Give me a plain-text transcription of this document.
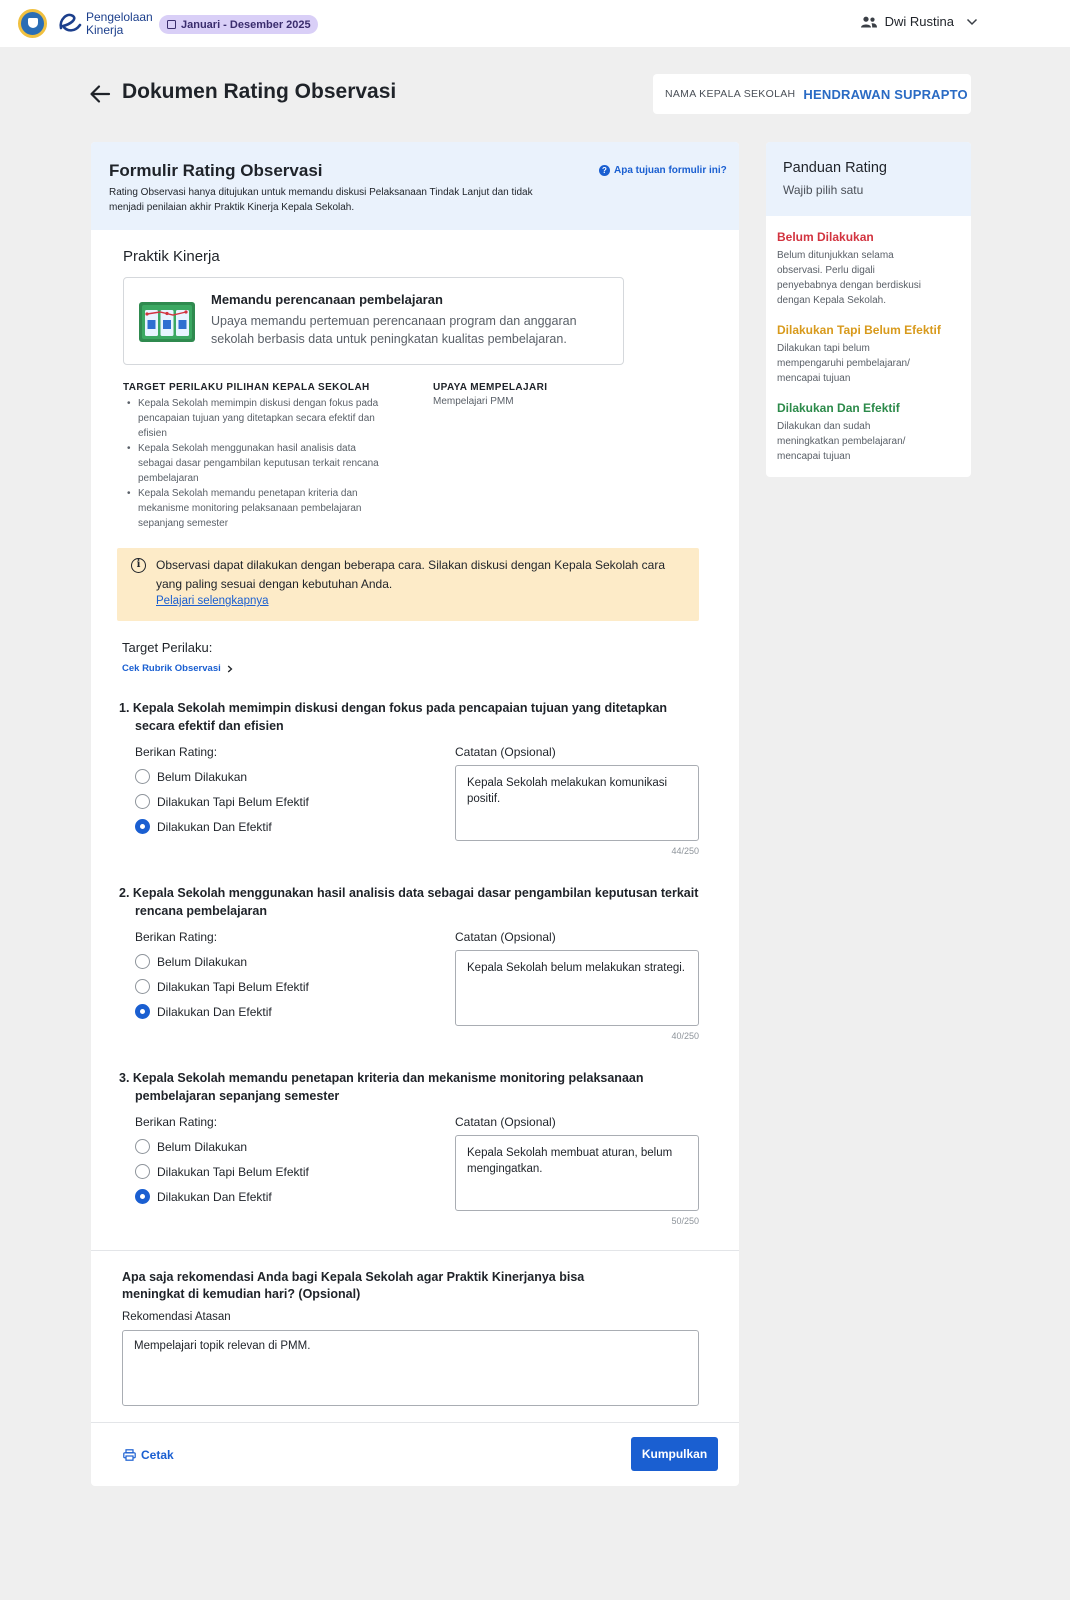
Pengelolaan
Kinerja	Januari - Desember 2025	Dwi Rustina
Dokumen Rating Observasi	NAMA KEPALA SEKOLAH HENDRAWAN SUPRAPTO
Formulir Rating Observasi
Rating Observasi hanya ditujukan untuk memandu diskusi Pelaksanaan Tindak Lanjut dan tidak menjadi penilaian akhir Praktik Kinerja Kepala Sekolah.
? Apa tujuan formulir ini?
Praktik Kinerja
Memandu perencanaan pembelajaran
Upaya memandu pertemuan perencanaan program dan anggaran sekolah berbasis data untuk peningkatan kualitas pembelajaran.
TARGET PERILAKU PILIHAN KEPALA SEKOLAH
• Kepala Sekolah memimpin diskusi dengan fokus pada pencapaian tujuan yang ditetapkan secara efektif dan efisien
• Kepala Sekolah menggunakan hasil analisis data sebagai dasar pengambilan keputusan terkait rencana pembelajaran
• Kepala Sekolah memandu penetapan kriteria dan mekanisme monitoring pelaksanaan pembelajaran sepanjang semester
UPAYA MEMPELAJARI
Mempelajari PMM
i	Observasi dapat dilakukan dengan beberapa cara. Silakan diskusi dengan Kepala Sekolah cara yang paling sesuai dengan kebutuhan Anda.
Pelajari selengkapnya
Target Perilaku:
Cek Rubrik Observasi
1. Kepala Sekolah memimpin diskusi dengan fokus pada pencapaian tujuan yang ditetapkan secara efektif dan efisien
Berikan Rating:
Belum Dilakukan
Dilakukan Tapi Belum Efektif
Dilakukan Dan Efektif
Catatan (Opsional)
Kepala Sekolah melakukan komunikasi positif.
44/250
2. Kepala Sekolah menggunakan hasil analisis data sebagai dasar pengambilan keputusan terkait rencana pembelajaran
Berikan Rating:
Belum Dilakukan
Dilakukan Tapi Belum Efektif
Dilakukan Dan Efektif
Catatan (Opsional)
Kepala Sekolah belum melakukan strategi.
40/250
3. Kepala Sekolah memandu penetapan kriteria dan mekanisme monitoring pelaksanaan pembelajaran sepanjang semester
Berikan Rating:
Belum Dilakukan
Dilakukan Tapi Belum Efektif
Dilakukan Dan Efektif
Catatan (Opsional)
Kepala Sekolah membuat aturan, belum mengingatkan.
50/250
Apa saja rekomendasi Anda bagi Kepala Sekolah agar Praktik Kinerjanya bisa meningkat di kemudian hari? (Opsional)
Rekomendasi Atasan
Mempelajari topik relevan di PMM.
Cetak	Kumpulkan
Panduan Rating
Wajib pilih satu
Belum Dilakukan
Belum ditunjukkan selama observasi. Perlu digali penyebabnya dengan berdiskusi dengan Kepala Sekolah.
Dilakukan Tapi Belum Efektif
Dilakukan tapi belum mempengaruhi pembelajaran/ mencapai tujuan
Dilakukan Dan Efektif
Dilakukan dan sudah meningkatkan pembelajaran/ mencapai tujuan
